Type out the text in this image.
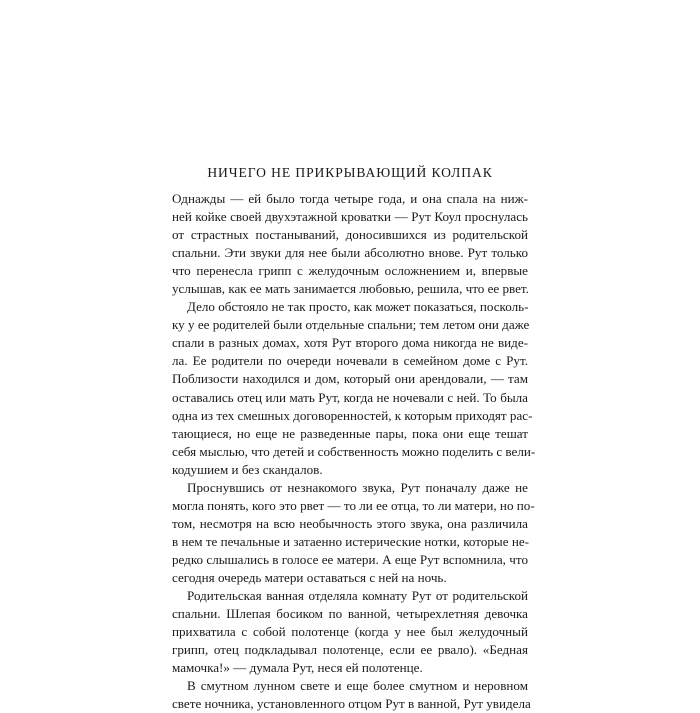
НИЧЕГО НЕ ПРИКРЫВАЮЩИЙ КОЛПАК
Однажды — ей было тогда четыре года, и она спала на ниж-
ней койке своей двухэтажной кроватки — Рут Коул проснулась
от страстных постанываний, доносившихся из родительской
спальни. Эти звуки для нее были абсолютно внове. Рут только
что перенесла грипп с желудочным осложнением и, впервые
услышав, как ее мать занимается любовью, решила, что ее рвет.
Дело обстояло не так просто, как может показаться, посколь-
ку у ее родителей были отдельные спальни; тем летом они даже
спали в разных домах, хотя Рут второго дома никогда не виде-
ла. Ее родители по очереди ночевали в семейном доме с Рут.
Поблизости находился и дом, который они арендовали, — там
оставались отец или мать Рут, когда не ночевали с ней. То была
одна из тех смешных договоренностей, к которым приходят рас-
тающиеся, но еще не разведенные пары, пока они еще тешат
себя мыслью, что детей и собственность можно поделить с вели-
кодушием и без скандалов.
Проснувшись от незнакомого звука, Рут поначалу даже не
могла понять, кого это рвет — то ли ее отца, то ли матери, но по-
том, несмотря на всю необычность этого звука, она различила
в нем те печальные и затаенно истерические нотки, которые не-
редко слышались в голосе ее матери. А еще Рут вспомнила, что
сегодня очередь матери оставаться с ней на ночь.
Родительская ванная отделяла комнату Рут от родительской
спальни. Шлепая босиком по ванной, четырехлетняя девочка
прихватила с собой полотенце (когда у нее был желудочный
грипп, отец подкладывал полотенце, если ее рвало). «Бедная
мамочка!» — думала Рут, неся ей полотенце.
В смутном лунном свете и еще более смутном и неровном
свете ночника, установленного отцом Рут в ванной, Рут увидела
